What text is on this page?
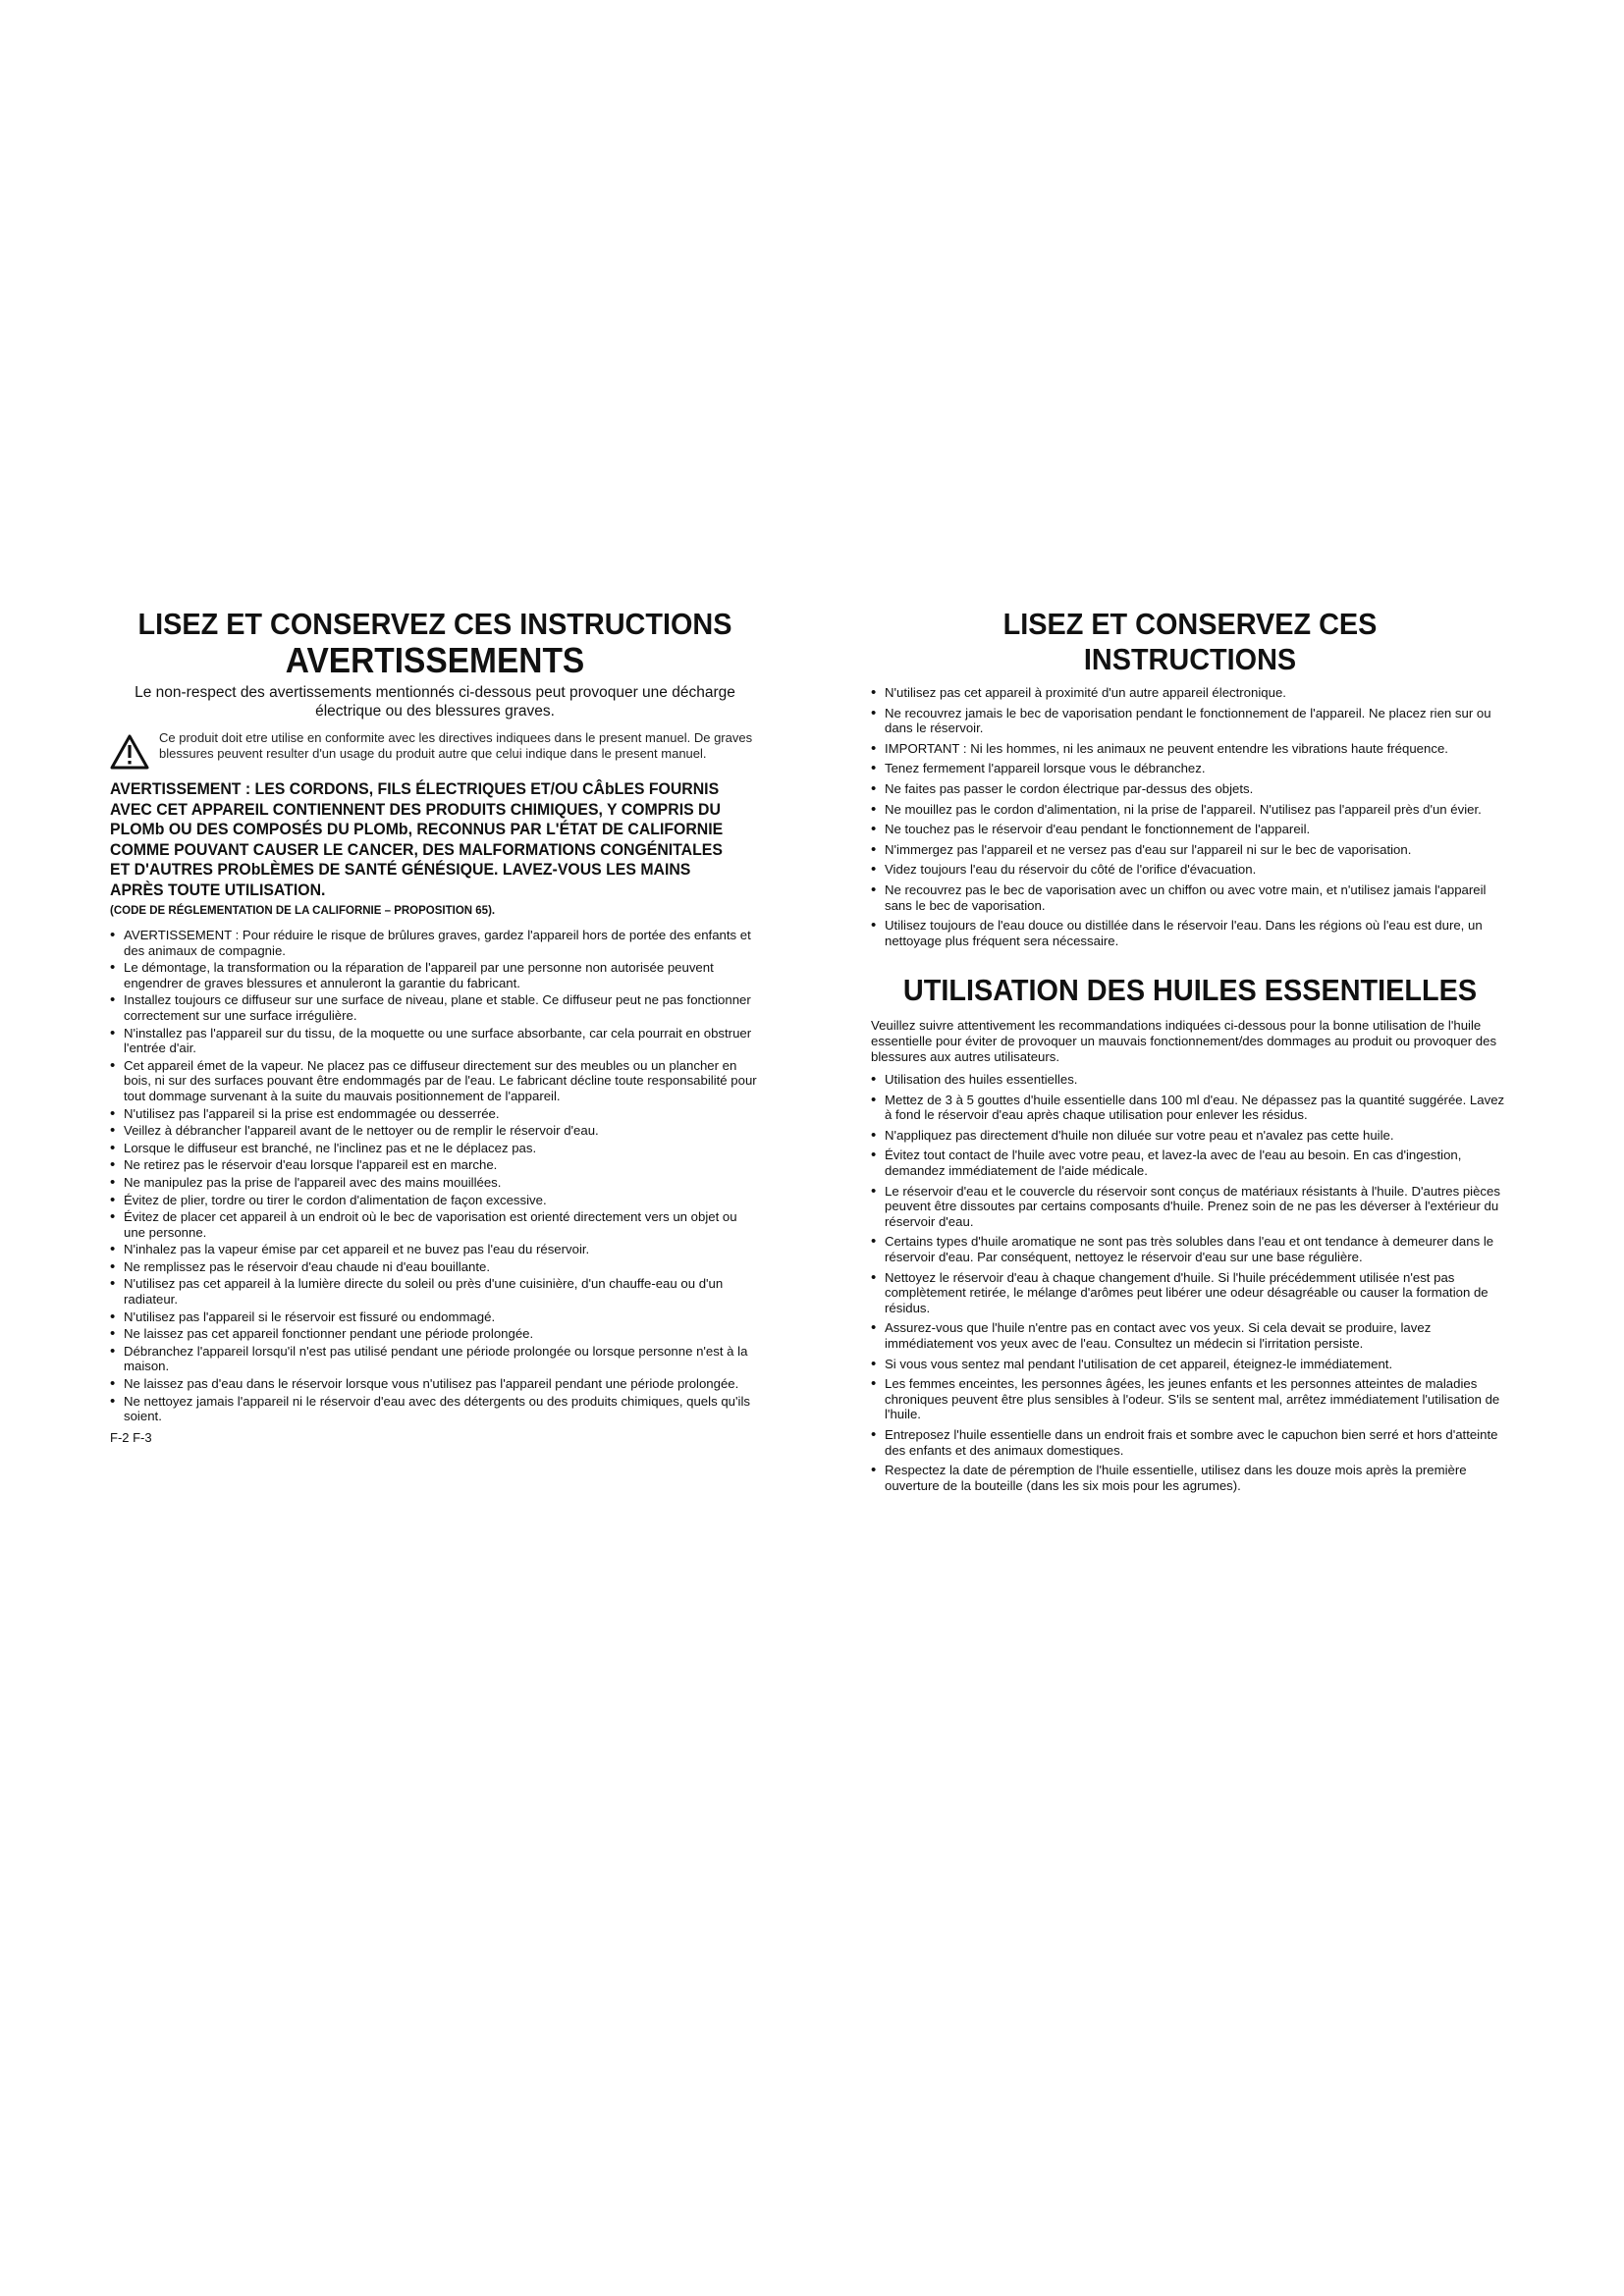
LISEZ ET CONSERVEZ CES INSTRUCTIONS
AVERTISSEMENTS

Le non-respect des avertissements mentionnés ci-dessous peut provoquer une décharge électrique ou des blessures graves.

Ce produit doit etre utilise en conformite avec les directives indiquees dans le present manuel. De graves blessures peuvent resulter d'un usage du produit autre que celui indique dans le present manuel.

AVERTISSEMENT : LES CORDONS, FILS ÉLECTRIQUES ET/OU CÂbLES FOURNIS AVEC CET APPAREIL CONTIENNENT DES PRODUITS CHIMIQUES, Y COMPRIS DU PLOMb OU DES COMPOSÉS DU PLOMb, RECONNUS PAR L'ÉTAT DE CALIFORNIE COMME POUVANT CAUSER LE CANCER, DES MALFORMATIONS CONGÉNITALES ET D'AUTRES PRObLÈMES DE SANTÉ GÉNÉSIQUE. LAVEZ-VOUS LES MAINS APRÈS TOUTE UTILISATION.

(CODE DE RÉGLEMENTATION DE LA CALIFORNIE – PROPOSITION 65).

• AVERTISSEMENT : Pour réduire le risque de brûlures graves, gardez l'appareil hors de portée des enfants et des animaux de compagnie.
• Le démontage, la transformation ou la réparation de l'appareil par une personne non autorisée peuvent engendrer de graves blessures et annuleront la garantie du fabricant.
• Installez toujours ce diffuseur sur une surface de niveau, plane et stable. Ce diffuseur peut ne pas fonctionner correctement sur une surface irrégulière.
• N'installez pas l'appareil sur du tissu, de la moquette ou une surface absorbante, car cela pourrait en obstruer l'entrée d'air.
• Cet appareil émet de la vapeur. Ne placez pas ce diffuseur directement sur des meubles ou un plancher en bois, ni sur des surfaces pouvant être endommagés par de l'eau. Le fabricant décline toute responsabilité pour tout dommage survenant à la suite du mauvais positionnement de l'appareil.
• N'utilisez pas l'appareil si la prise est endommagée ou desserrée.
• Veillez à débrancher l'appareil avant de le nettoyer ou de remplir le réservoir d'eau.
• Lorsque le diffuseur est branché, ne l'inclinez pas et ne le déplacez pas.
• Ne retirez pas le réservoir d'eau lorsque l'appareil est en marche.
• Ne manipulez pas la prise de l'appareil avec des mains mouillées.
• Évitez de plier, tordre ou tirer le cordon d'alimentation de façon excessive.
• Évitez de placer cet appareil à un endroit où le bec de vaporisation est orienté directement vers un objet ou une personne.
• N'inhalez pas la vapeur émise par cet appareil et ne buvez pas l'eau du réservoir.
• Ne remplissez pas le réservoir d'eau chaude ni d'eau bouillante.
• N'utilisez pas cet appareil à la lumière directe du soleil ou près d'une cuisinière, d'un chauffe-eau ou d'un radiateur.
• N'utilisez pas l'appareil si le réservoir est fissuré ou endommagé.
• Ne laissez pas cet appareil fonctionner pendant une période prolongée.
• Débranchez l'appareil lorsqu'il n'est pas utilisé pendant une période prolongée ou lorsque personne n'est à la maison.
• Ne laissez pas d'eau dans le réservoir lorsque vous n'utilisez pas l'appareil pendant une période prolongée.
• Ne nettoyez jamais l'appareil ni le réservoir d'eau avec des détergents ou des produits chimiques, quels qu'ils soient.

F-2 F-3

LISEZ ET CONSERVEZ CES INSTRUCTIONS
• N'utilisez pas cet appareil à proximité d'un autre appareil électronique.
• Ne recouvrez jamais le bec de vaporisation pendant le fonctionnement de l'appareil. Ne placez rien sur ou dans le réservoir.
• IMPORTANT : Ni les hommes, ni les animaux ne peuvent entendre les vibrations haute fréquence.
• Tenez fermement l'appareil lorsque vous le débranchez.
• Ne faites pas passer le cordon électrique par-dessus des objets.
• Ne mouillez pas le cordon d'alimentation, ni la prise de l'appareil. N'utilisez pas l'appareil près d'un évier.
• Ne touchez pas le réservoir d'eau pendant le fonctionnement de l'appareil.
• N'immergez pas l'appareil et ne versez pas d'eau sur l'appareil ni sur le bec de vaporisation.
• Videz toujours l'eau du réservoir du côté de l'orifice d'évacuation.
• Ne recouvrez pas le bec de vaporisation avec un chiffon ou avec votre main, et n'utilisez jamais l'appareil sans le bec de vaporisation.
• Utilisez toujours de l'eau douce ou distillée dans le réservoir l'eau. Dans les régions où l'eau est dure, un nettoyage plus fréquent sera nécessaire.
UTILISATION DES HUILES ESSENTIELLES

Veuillez suivre attentivement les recommandations indiquées ci-dessous pour la bonne utilisation de l'huile essentielle pour éviter de provoquer un mauvais fonctionnement/des dommages au produit ou provoquer des blessures aux autres utilisateurs.

• Utilisation des huiles essentielles.
• Mettez de 3 à 5 gouttes d'huile essentielle dans 100 ml d'eau. Ne dépassez pas la quantité suggérée. Lavez à fond le réservoir d'eau après chaque utilisation pour enlever les résidus.
• N'appliquez pas directement d'huile non diluée sur votre peau et n'avalez pas cette huile.
• Évitez tout contact de l'huile avec votre peau, et lavez-la avec de l'eau au besoin. En cas d'ingestion, demandez immédiatement de l'aide médicale.
• Le réservoir d'eau et le couvercle du réservoir sont conçus de matériaux résistants à l'huile. D'autres pièces peuvent être dissoutes par certains composants d'huile. Prenez soin de ne pas les déverser à l'extérieur du réservoir d'eau.
• Certains types d'huile aromatique ne sont pas très solubles dans l'eau et ont tendance à demeurer dans le réservoir d'eau. Par conséquent, nettoyez le réservoir d'eau sur une base régulière.
• Nettoyez le réservoir d'eau à chaque changement d'huile. Si l'huile précédemment utilisée n'est pas complètement retirée, le mélange d'arômes peut libérer une odeur désagréable ou causer la formation de résidus.
• Assurez-vous que l'huile n'entre pas en contact avec vos yeux. Si cela devait se produire, lavez immédiatement vos yeux avec de l'eau. Consultez un médecin si l'irritation persiste.
• Si vous vous sentez mal pendant l'utilisation de cet appareil, éteignez-le immédiatement.
• Les femmes enceintes, les personnes âgées, les jeunes enfants et les personnes atteintes de maladies chroniques peuvent être plus sensibles à l'odeur. S'ils se sentent mal, arrêtez immédiatement l'utilisation de l'huile.
• Entreposez l'huile essentielle dans un endroit frais et sombre avec le capuchon bien serré et hors d'atteinte des enfants et des animaux domestiques.
• Respectez la date de péremption de l'huile essentielle, utilisez dans les douze mois après la première ouverture de la bouteille (dans les six mois pour les agrumes).
